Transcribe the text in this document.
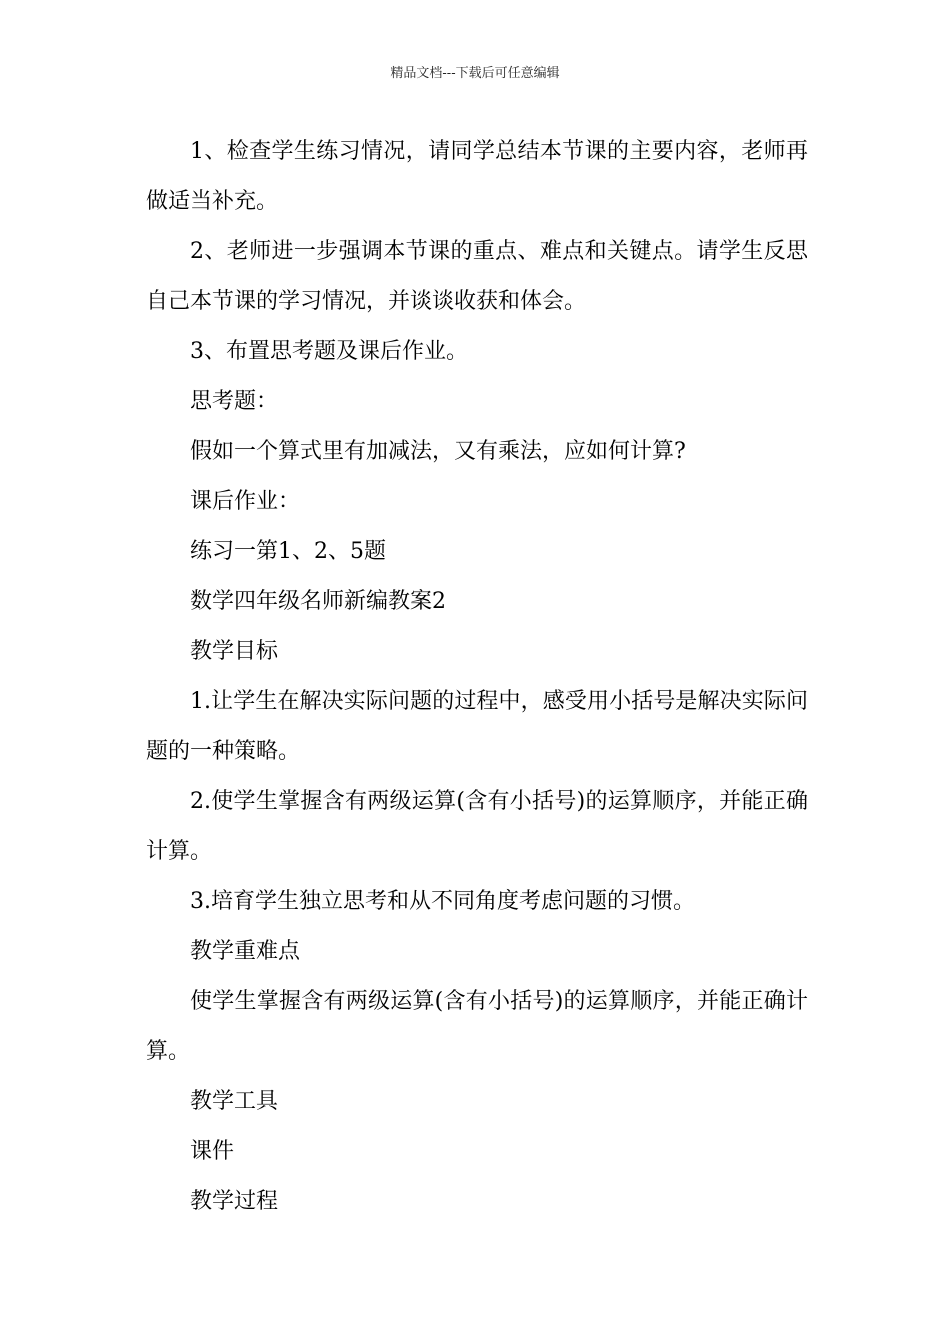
精品文档---下载后可任意编辑

1、检查学生练习情况，请同学总结本节课的主要内容，老师再做适当补充。

2、老师进一步强调本节课的重点、难点和关键点。请学生反思自己本节课的学习情况，并谈谈收获和体会。

3、布置思考题及课后作业。

思考题：

假如一个算式里有加减法，又有乘法，应如何计算?

课后作业：

练习一第1、2、5题

数学四年级名师新编教案2

教学目标

1.让学生在解决实际问题的过程中，感受用小括号是解决实际问题的一种策略。

2.使学生掌握含有两级运算(含有小括号)的运算顺序，并能正确计算。

3.培育学生独立思考和从不同角度考虑问题的习惯。

教学重难点

使学生掌握含有两级运算(含有小括号)的运算顺序，并能正确计算。

教学工具

课件

教学过程
